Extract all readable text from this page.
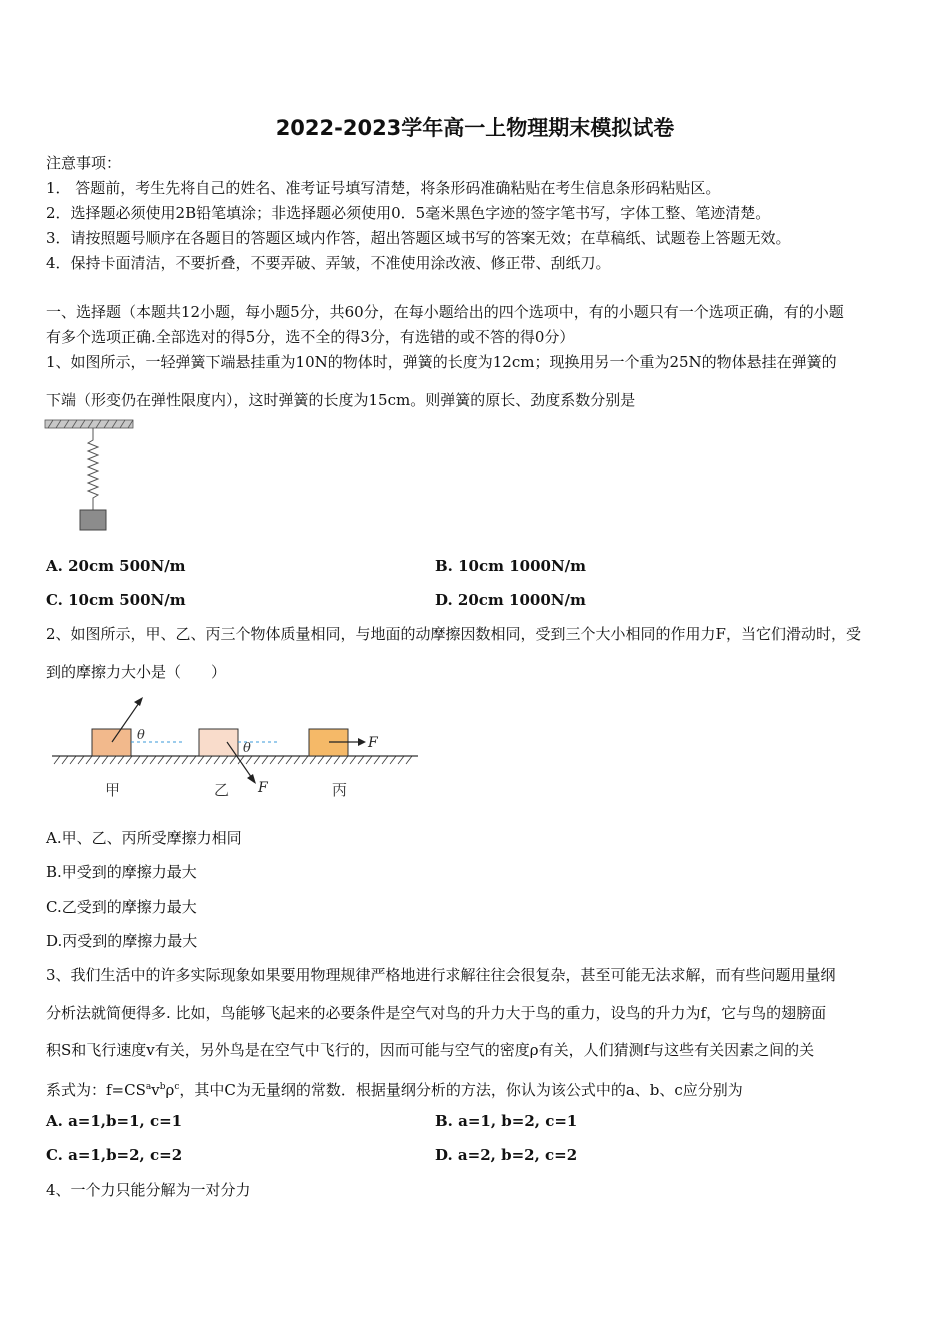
2022-2023学年高一上物理期末模拟试卷
注意事项：
1． 答题前，考生先将自己的姓名、准考证号填写清楚，将条形码准确粘贴在考生信息条形码粘贴区。
2．选择题必须使用2B铅笔填涂；非选择题必须使用0．5毫米黑色字迹的签字笔书写，字体工整、笔迹清楚。
3．请按照题号顺序在各题目的答题区域内作答，超出答题区域书写的答案无效；在草稿纸、试题卷上答题无效。
4．保持卡面清洁，不要折叠，不要弄破、弄皱，不准使用涂改液、修正带、刮纸刀。
一、选择题（本题共12小题，每小题5分，共60分，在每小题给出的四个选项中，有的小题只有一个选项正确，有的小题
有多个选项正确.全部选对的得5分，选不全的得3分，有选错的或不答的得0分）
1、如图所示，一轻弹簧下端悬挂重为10N的物体时，弹簧的长度为12cm；现换用另一个重为25N的物体悬挂在弹簧的
下端（形变仍在弹性限度内），这时弹簧的长度为15cm。则弹簧的原长、劲度系数分别是
A. 20cm 500N/m	B. 10cm 1000N/m
C. 10cm 500N/m	D. 20cm 1000N/m
2、如图所示，甲、乙、丙三个物体质量相同，与地面的动摩擦因数相同，受到三个大小相同的作用力F，当它们滑动时，受
到的摩擦力大小是（　　）
θ
θ
F
F
甲	乙	丙
A.甲、乙、丙所受摩擦力相同
B.甲受到的摩擦力最大
C.乙受到的摩擦力最大
D.丙受到的摩擦力最大
3、我们生活中的许多实际现象如果要用物理规律严格地进行求解往往会很复杂，甚至可能无法求解，而有些问题用量纲
分析法就简便得多. 比如，鸟能够飞起来的必要条件是空气对鸟的升力大于鸟的重力，设鸟的升力为f，它与鸟的翅膀面
积S和飞行速度v有关，另外鸟是在空气中飞行的，因而可能与空气的密度ρ有关，人们猜测f与这些有关因素之间的关
系式为：$f=CS^av^b\rho^c$，其中C为无量纲的常数．根据量纲分析的方法，你认为该公式中的a、b、c应分别为
A. a=1,b=1, c=1	B. a=1, b=2, c=1
C. a=1,b=2, c=2	D. a=2, b=2, c=2
4、一个力只能分解为一对分力
